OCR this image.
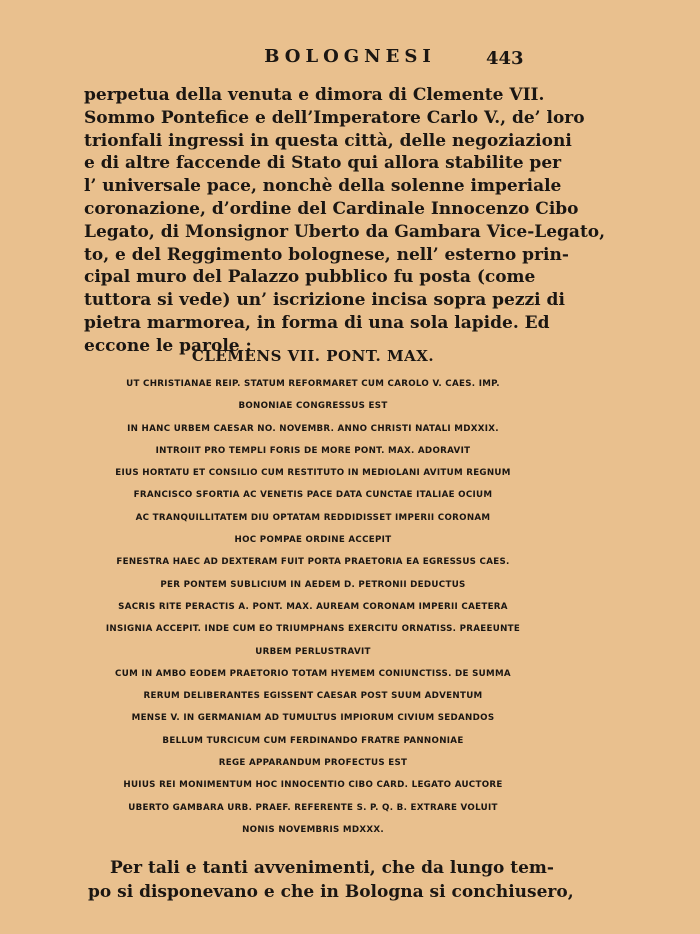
BOLOGNESI	443
perpetua della venuta e dimora di Clemente VII.
Sommo Pontefice e dell’Imperatore Carlo V., de’ loro
trionfali ingressi in questa città, delle negoziazioni
e di altre faccende di Stato qui allora stabilite per
l’ universale pace, nonchè della solenne imperiale
coronazione, d’ordine del Cardinale Innocenzo Cibo
Legato, di Monsignor Uberto da Gambara Vice-Legato,
to, e del Reggimento bolognese, nell’ esterno prin-
cipal muro del Palazzo pubblico fu posta (come
tuttora si vede) un’ iscrizione incisa sopra pezzi di
pietra marmorea, in forma di una sola lapide. Ed
eccone le parole :
CLEMENS VII. PONT. MAX.
UT CHRISTIANAE REIP. STATUM REFORMARET CUM CAROLO V. CAES. IMP.
BONONIAE CONGRESSUS EST
IN HANC URBEM CAESAR NO. NOVEMBR. ANNO CHRISTI NATALI MDXXIX.
INTROIIT PRO TEMPLI FORIS DE MORE PONT. MAX. ADORAVIT
EIUS HORTATU ET CONSILIO CUM RESTITUTO IN MEDIOLANI AVITUM REGNUM
FRANCISCO SFORTIA AC VENETIS PACE DATA CUNCTAE ITALIAE OCIUM
AC TRANQUILLITATEM DIU OPTATAM REDDIDISSET IMPERII CORONAM
HOC POMPAE ORDINE ACCEPIT
FENESTRA HAEC AD DEXTERAM FUIT PORTA PRAETORIA EA EGRESSUS CAES.
PER PONTEM SUBLICIUM IN AEDEM D. PETRONII DEDUCTUS
SACRIS RITE PERACTIS A. PONT. MAX. AUREAM CORONAM IMPERII CAETERA
INSIGNIA ACCEPIT. INDE CUM EO TRIUMPHANS EXERCITU ORNATISS. PRAEEUNTE
URBEM PERLUSTRAVIT
CUM IN AMBO EODEM PRAETORIO TOTAM HYEMEM CONIUNCTISS. DE SUMMA
RERUM DELIBERANTES EGISSENT CAESAR POST SUUM ADVENTUM
MENSE V. IN GERMANIAM AD TUMULTUS IMPIORUM CIVIUM SEDANDOS
BELLUM TURCICUM CUM FERDINANDO FRATRE PANNONIAE
REGE APPARANDUM PROFECTUS EST
HUIUS REI MONIMENTUM HOC INNOCENTIO CIBO CARD. LEGATO AUCTORE
UBERTO GAMBARA URB. PRAEF. REFERENTE S. P. Q. B. EXTRARE VOLUIT
NONIS NOVEMBRIS MDXXX.
Per tali e tanti avvenimenti, che da lungo tem-
po si disponevano e che in Bologna si conchiusero,
